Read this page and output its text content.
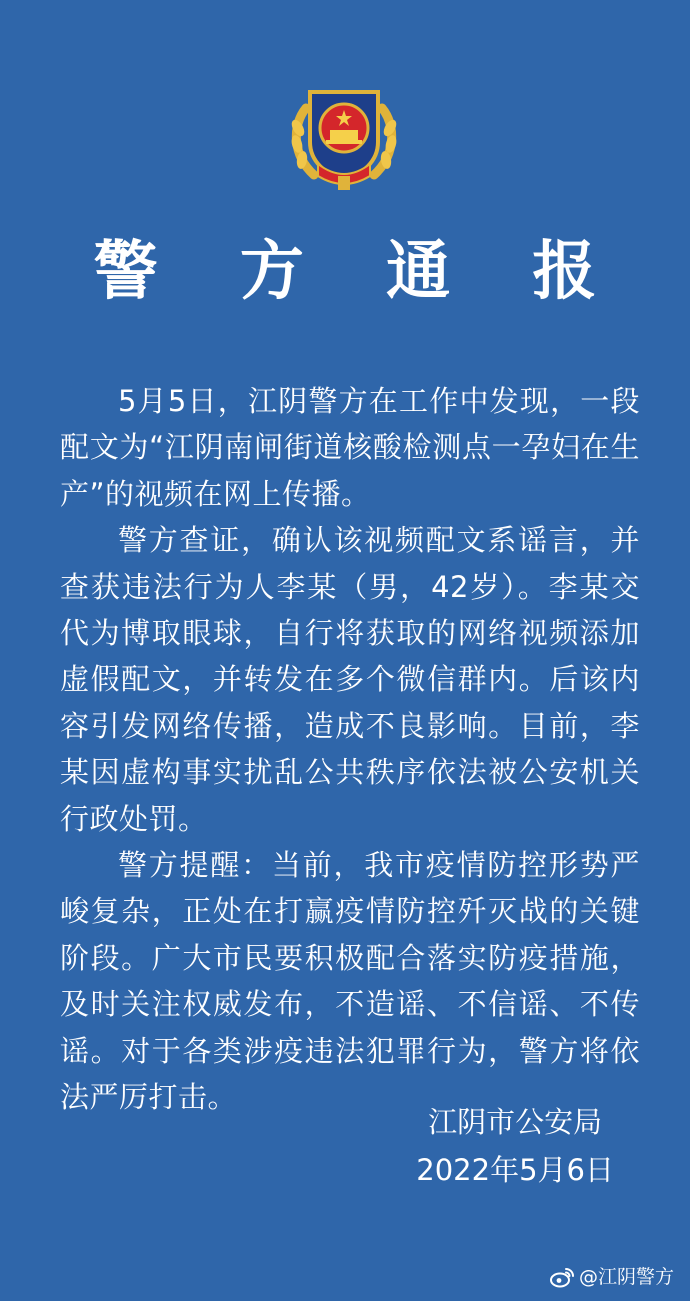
警 方 通 报

5月5日，江阴警方在工作中发现，一段配文为“江阴南闸街道核酸检测点一孕妇在生产”的视频在网上传播。

警方查证，确认该视频配文系谣言，并查获违法行为人李某（男，42岁）。李某交代为博取眼球，自行将获取的网络视频添加虚假配文，并转发在多个微信群内。后该内容引发网络传播，造成不良影响。目前，李某因虚构事实扰乱公共秩序依法被公安机关行政处罚。

警方提醒：当前，我市疫情防控形势严峻复杂，正处在打赢疫情防控歼灭战的关键阶段。广大市民要积极配合落实防疫措施，及时关注权威发布，不造谣、不信谣、不传谣。对于各类涉疫违法犯罪行为，警方将依法严厉打击。

江阴市公安局
2022年5月6日
@江阴警方
